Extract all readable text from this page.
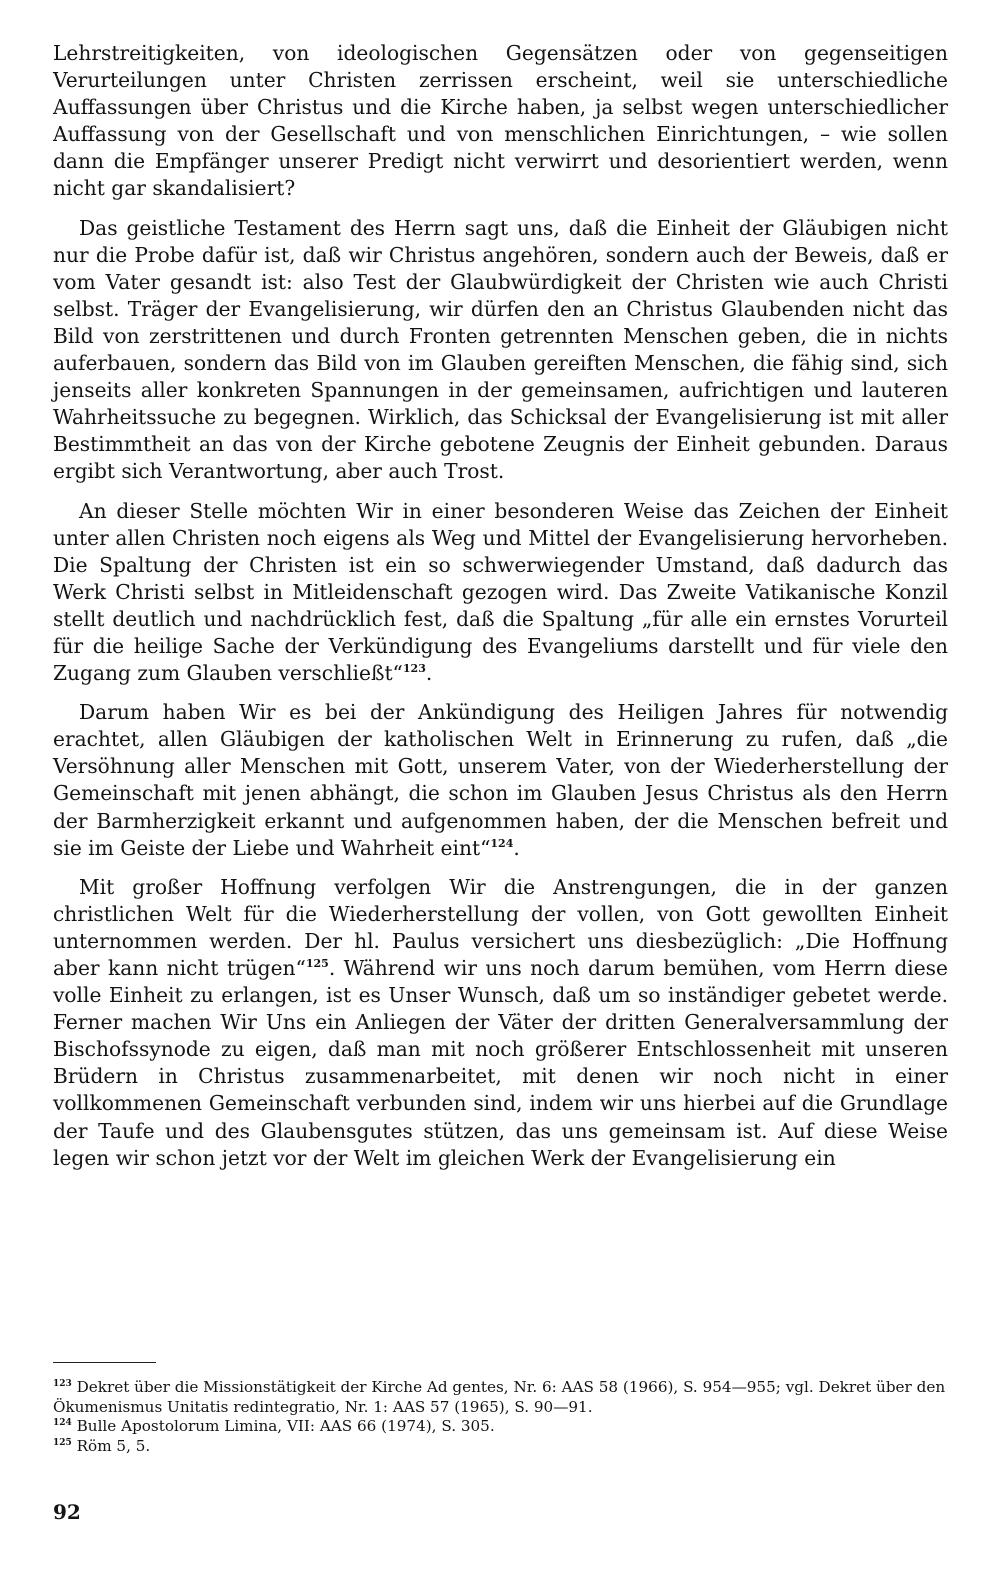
Lehrstreitigkeiten, von ideologischen Gegensätzen oder von gegenseitigen Verurteilungen unter Christen zerrissen erscheint, weil sie unterschiedliche Auffassungen über Christus und die Kirche haben, ja selbst wegen unterschiedlicher Auffassung von der Gesellschaft und von menschlichen Einrichtungen, – wie sollen dann die Empfänger unserer Predigt nicht verwirrt und desorientiert werden, wenn nicht gar skandalisiert?

Das geistliche Testament des Herrn sagt uns, daß die Einheit der Gläubigen nicht nur die Probe dafür ist, daß wir Christus angehören, sondern auch der Beweis, daß er vom Vater gesandt ist: also Test der Glaubwürdigkeit der Christen wie auch Christi selbst. Träger der Evangelisierung, wir dürfen den an Christus Glaubenden nicht das Bild von zerstrittenen und durch Fronten getrennten Menschen geben, die in nichts auferbauen, sondern das Bild von im Glauben gereiften Menschen, die fähig sind, sich jenseits aller konkreten Spannungen in der gemeinsamen, aufrichtigen und lauteren Wahrheitssuche zu begegnen. Wirklich, das Schicksal der Evangelisierung ist mit aller Bestimmtheit an das von der Kirche gebotene Zeugnis der Einheit gebunden. Daraus ergibt sich Verantwortung, aber auch Trost.

An dieser Stelle möchten Wir in einer besonderen Weise das Zeichen der Einheit unter allen Christen noch eigens als Weg und Mittel der Evangelisierung hervorheben. Die Spaltung der Christen ist ein so schwerwiegender Umstand, daß dadurch das Werk Christi selbst in Mitleidenschaft gezogen wird. Das Zweite Vatikanische Konzil stellt deutlich und nachdrücklich fest, daß die Spaltung „für alle ein ernstes Vorurteil für die heilige Sache der Verkündigung des Evangeliums darstellt und für viele den Zugang zum Glauben verschließt“$^{123}$.

Darum haben Wir es bei der Ankündigung des Heiligen Jahres für notwendig erachtet, allen Gläubigen der katholischen Welt in Erinnerung zu rufen, daß „die Versöhnung aller Menschen mit Gott, unserem Vater, von der Wiederherstellung der Gemeinschaft mit jenen abhängt, die schon im Glauben Jesus Christus als den Herrn der Barmherzigkeit erkannt und aufgenommen haben, der die Menschen befreit und sie im Geiste der Liebe und Wahrheit eint“$^{124}$.

Mit großer Hoffnung verfolgen Wir die Anstrengungen, die in der ganzen christlichen Welt für die Wiederherstellung der vollen, von Gott gewollten Einheit unternommen werden. Der hl. Paulus versichert uns diesbezüglich: „Die Hoffnung aber kann nicht trügen“$^{125}$. Während wir uns noch darum bemühen, vom Herrn diese volle Einheit zu erlangen, ist es Unser Wunsch, daß um so inständiger gebetet werde. Ferner machen Wir Uns ein Anliegen der Väter der dritten Generalversammlung der Bischofssynode zu eigen, daß man mit noch größerer Entschlossenheit mit unseren Brüdern in Christus zusammenarbeitet, mit denen wir noch nicht in einer vollkommenen Gemeinschaft verbunden sind, indem wir uns hierbei auf die Grundlage der Taufe und des Glaubensgutes stützen, das uns gemeinsam ist. Auf diese Weise legen wir schon jetzt vor der Welt im gleichen Werk der Evangelisierung ein

$^{123}$ Dekret über die Missionstätigkeit der Kirche Ad gentes, Nr. 6: AAS 58 (1966), S. 954—955; vgl. Dekret über den Ökumenismus Unitatis redintegratio, Nr. 1: AAS 57 (1965), S. 90—91.

$^{124}$ Bulle Apostolorum Limina, VII: AAS 66 (1974), S. 305.

$^{125}$ Röm 5, 5.

92
